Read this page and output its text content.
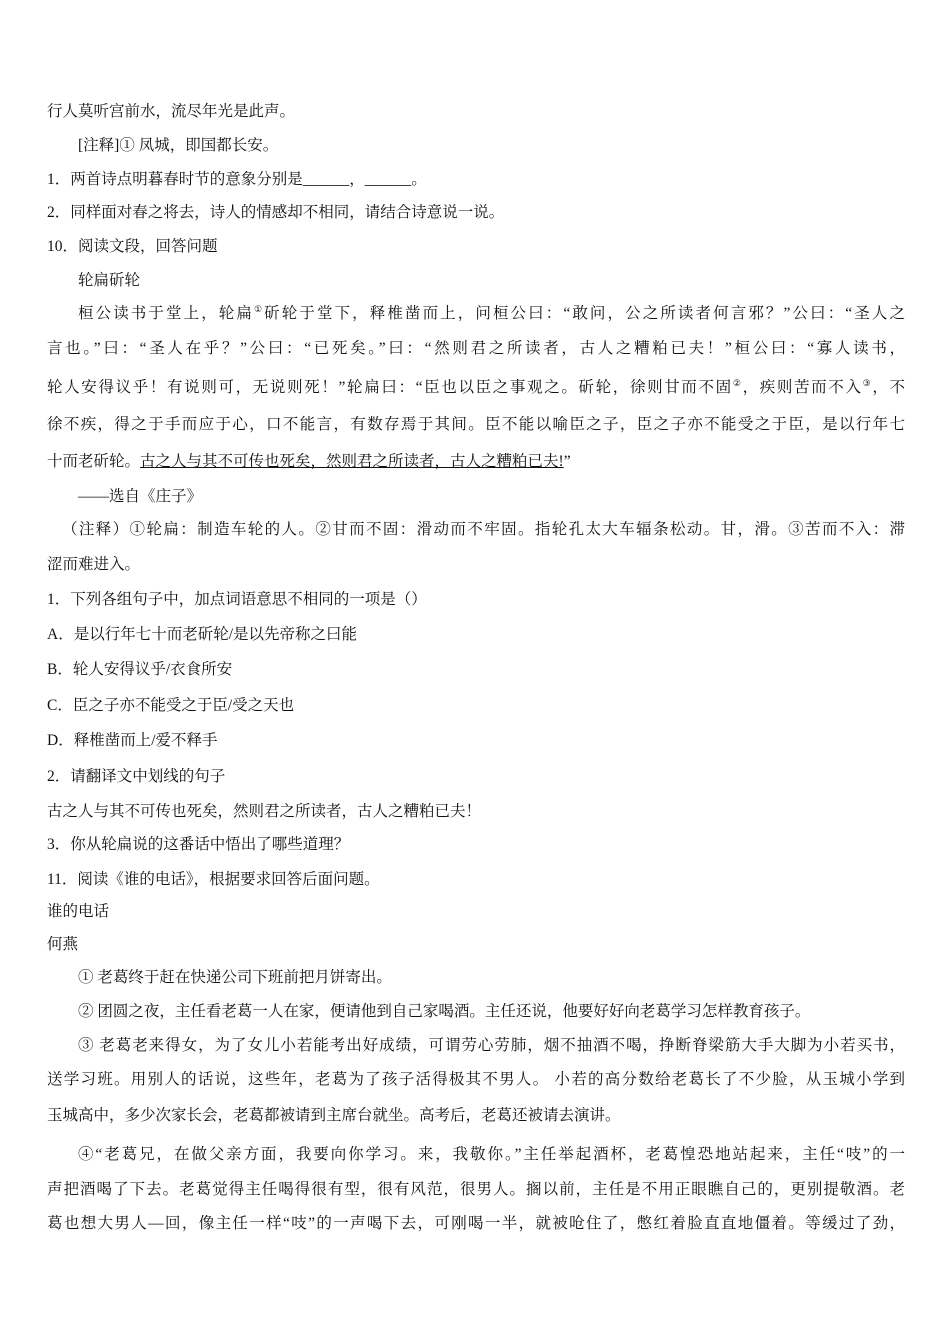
行人莫听宫前水，流尽年光是此声。
[注释]① 凤城，即国都长安。
1．两首诗点明暮春时节的意象分别是______，______。
2．同样面对春之将去，诗人的情感却不相同，请结合诗意说一说。
10．阅读文段，回答问题
轮扁斫轮
桓公读书于堂上，轮扁①斫轮于堂下，释椎凿而上，问桓公曰：“敢问，公之所读者何言邪？”公曰：“圣人之
言也。”曰：“圣人在乎？”公曰：“已死矣。”曰：“然则君之所读者，古人之糟粕已夫！”桓公曰：“寡人读书，
轮人安得议乎！有说则可，无说则死！”轮扁曰：“臣也以臣之事观之。斫轮，徐则甘而不固②，疾则苦而不入③，不
徐不疾，得之于手而应于心，口不能言，有数存焉于其间。臣不能以喻臣之子，臣之子亦不能受之于臣，是以行年七
十而老斫轮。古之人与其不可传也死矣，然则君之所读者，古人之糟粕已夫!”
——选自《庄子》
（注释）①轮扁：制造车轮的人。②甘而不固：滑动而不牢固。指轮孔太大车辐条松动。甘，滑。③苦而不入：滞
涩而难进入。
1．下列各组句子中，加点词语意思不相同的一项是（）
A．是以行年七十而老斫轮/是以先帝称之曰能
B．轮人安得议乎/衣食所安
C．臣之子亦不能受之于臣/受之天也
D．释椎凿而上/爱不释手
2．请翻译文中划线的句子
古之人与其不可传也死矣，然则君之所读者，古人之糟粕已夫！
3．你从轮扁说的这番话中悟出了哪些道理？
11．阅读《谁的电话》，根据要求回答后面问题。
谁的电话
何燕
① 老葛终于赶在快递公司下班前把月饼寄出。
② 团圆之夜，主任看老葛一人在家，便请他到自己家喝酒。主任还说，他要好好向老葛学习怎样教育孩子。
③ 老葛老来得女，为了女儿小若能考出好成绩，可谓劳心劳肺，烟不抽酒不喝，挣断脊梁筋大手大脚为小若买书，
送学习班。用别人的话说，这些年，老葛为了孩子活得极其不男人。 小若的高分数给老葛长了不少脸，从玉城小学到
玉城高中，多少次家长会，老葛都被请到主席台就坐。高考后，老葛还被请去演讲。
④“老葛兄，在做父亲方面，我要向你学习。来，我敬你。”主任举起酒杯，老葛惶恐地站起来，主任“吱”的一
声把酒喝了下去。老葛觉得主任喝得很有型，很有风范，很男人。搁以前，主任是不用正眼瞧自己的，更别提敬酒。老
葛也想大男人—回，像主任一样“吱”的一声喝下去，可刚喝一半，就被呛住了，憋红着脸直直地僵着。等缓过了劲，
